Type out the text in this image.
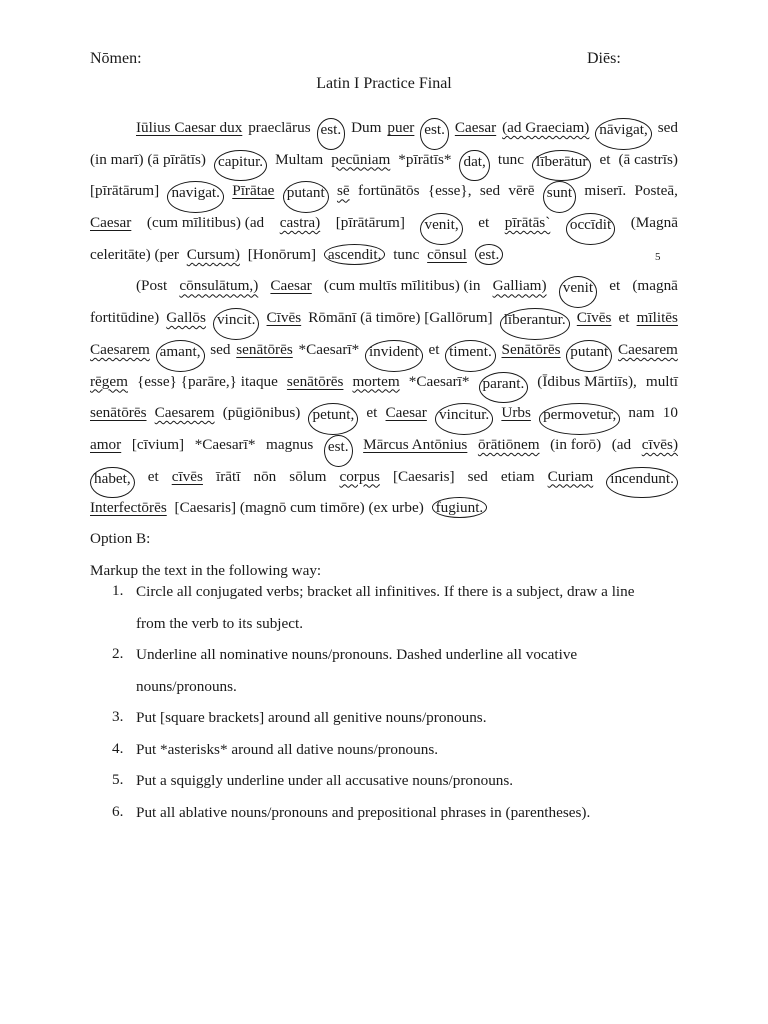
Nōmen:	Diēs:
Latin I Practice Final
Iūlius Caesar dux praeclārus est. Dum puer est. Caesar (ad Graeciam) nāvigat, sed
(in marī) (ā pīrātīs) capitur. Multam pecūniam *pīrātīs* dat, tunc līberātur et (ā castrīs)
[pīrātārum] navigat. Pīrātae putant sē fortūnātōs {esse}, sed vērē sunt miserī. Posteā,
Caesar (cum mīlitibus) (ad castra) [pīrātārum] venit, et pīrātās` occīdit (Magnā
celeritāte) (per Cursum) [Honōrum] ascendit, tunc cōnsul est.
(Post cōnsulātum,) Caesar (cum multīs mīlitibus) (in Galliam) venit et (magnā
fortitūdine) Gallōs vincit. Cīvēs Rōmānī (ā timōre) [Gallōrum] līberantur. Cīvēs et mīlitēs
Caesarem amant, sed senātōrēs *Caesarī* invident et timent. Senātōrēs putant Caesarem
rēgem {esse} {parāre,} itaque senātōrēs mortem *Caesarī* parant. (Īdibus Mārtiīs), multī
senātōrēs Caesarem (pūgiōnibus) petunt, et Caesar vincitur. Urbs permovetur, nam 10
amor [cīvium] *Caesarī* magnus est. Mārcus Antōnius ōrātiōnem (in forō) (ad cīvēs)
habet, et cīvēs īrātī nōn sōlum corpus [Caesaris] sed etiam Curiam incendunt.
Interfectōrēs [Caesaris] (magnō cum timōre) (ex urbe) fugiunt.
5
Option B:
Markup the text in the following way:
1. Circle all conjugated verbs; bracket all infinitives. If there is a subject, draw a line
from the verb to its subject.
2. Underline all nominative nouns/pronouns. Dashed underline all vocative
nouns/pronouns.
3. Put [square brackets] around all genitive nouns/pronouns.
4. Put *asterisks* around all dative nouns/pronouns.
5. Put a squiggly underline under all accusative nouns/pronouns.
6. Put all ablative nouns/pronouns and prepositional phrases in (parentheses).
